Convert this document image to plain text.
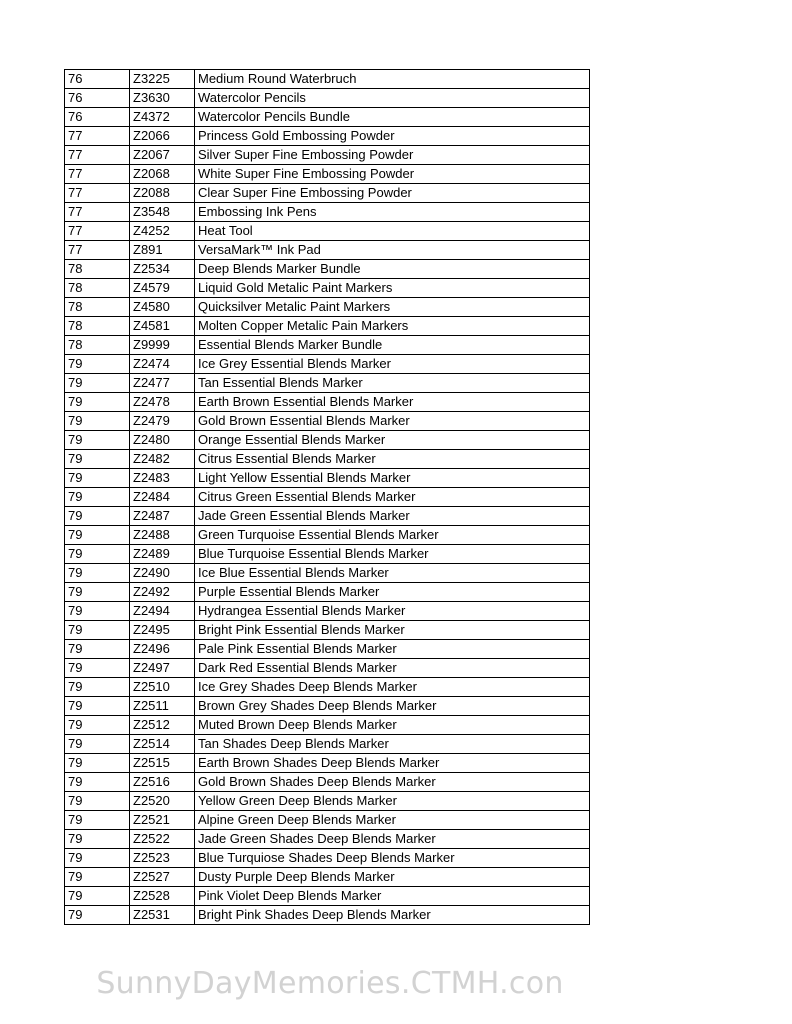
76	Z3225	Medium Round Waterbruch
76	Z3630	Watercolor Pencils
76	Z4372	Watercolor Pencils Bundle
77	Z2066	Princess Gold Embossing Powder
77	Z2067	Silver Super Fine Embossing Powder
77	Z2068	White Super Fine Embossing Powder
77	Z2088	Clear Super Fine Embossing Powder
77	Z3548	Embossing Ink Pens
77	Z4252	Heat Tool
77	Z891	VersaMark™ Ink Pad
78	Z2534	Deep Blends Marker Bundle
78	Z4579	Liquid Gold Metalic Paint Markers
78	Z4580	Quicksilver Metalic Paint Markers
78	Z4581	Molten Copper Metalic Pain Markers
78	Z9999	Essential Blends Marker Bundle
79	Z2474	Ice Grey Essential Blends Marker
79	Z2477	Tan Essential Blends Marker
79	Z2478	Earth Brown Essential Blends Marker
79	Z2479	Gold Brown Essential Blends Marker
79	Z2480	Orange Essential Blends Marker
79	Z2482	Citrus Essential Blends Marker
79	Z2483	Light Yellow Essential Blends Marker
79	Z2484	Citrus Green Essential Blends Marker
79	Z2487	Jade Green Essential Blends Marker
79	Z2488	Green Turquoise Essential Blends Marker
79	Z2489	Blue Turquoise Essential Blends Marker
79	Z2490	Ice Blue Essential Blends Marker
79	Z2492	Purple Essential Blends Marker
79	Z2494	Hydrangea Essential Blends Marker
79	Z2495	Bright Pink Essential Blends Marker
79	Z2496	Pale Pink Essential Blends Marker
79	Z2497	Dark Red Essential Blends Marker
79	Z2510	Ice Grey Shades Deep Blends Marker
79	Z2511	Brown Grey Shades Deep Blends Marker
79	Z2512	Muted Brown Deep Blends Marker
79	Z2514	Tan Shades Deep Blends Marker
79	Z2515	Earth Brown Shades Deep Blends Marker
79	Z2516	Gold Brown Shades Deep Blends Marker
79	Z2520	Yellow Green Deep Blends Marker
79	Z2521	Alpine Green Deep Blends Marker
79	Z2522	Jade Green Shades Deep Blends Marker
79	Z2523	Blue Turquiose Shades Deep Blends Marker
79	Z2527	Dusty Purple Deep Blends Marker
79	Z2528	Pink Violet Deep Blends Marker
79	Z2531	Bright Pink Shades Deep Blends Marker
SunnyDayMemories.CTMH.con
